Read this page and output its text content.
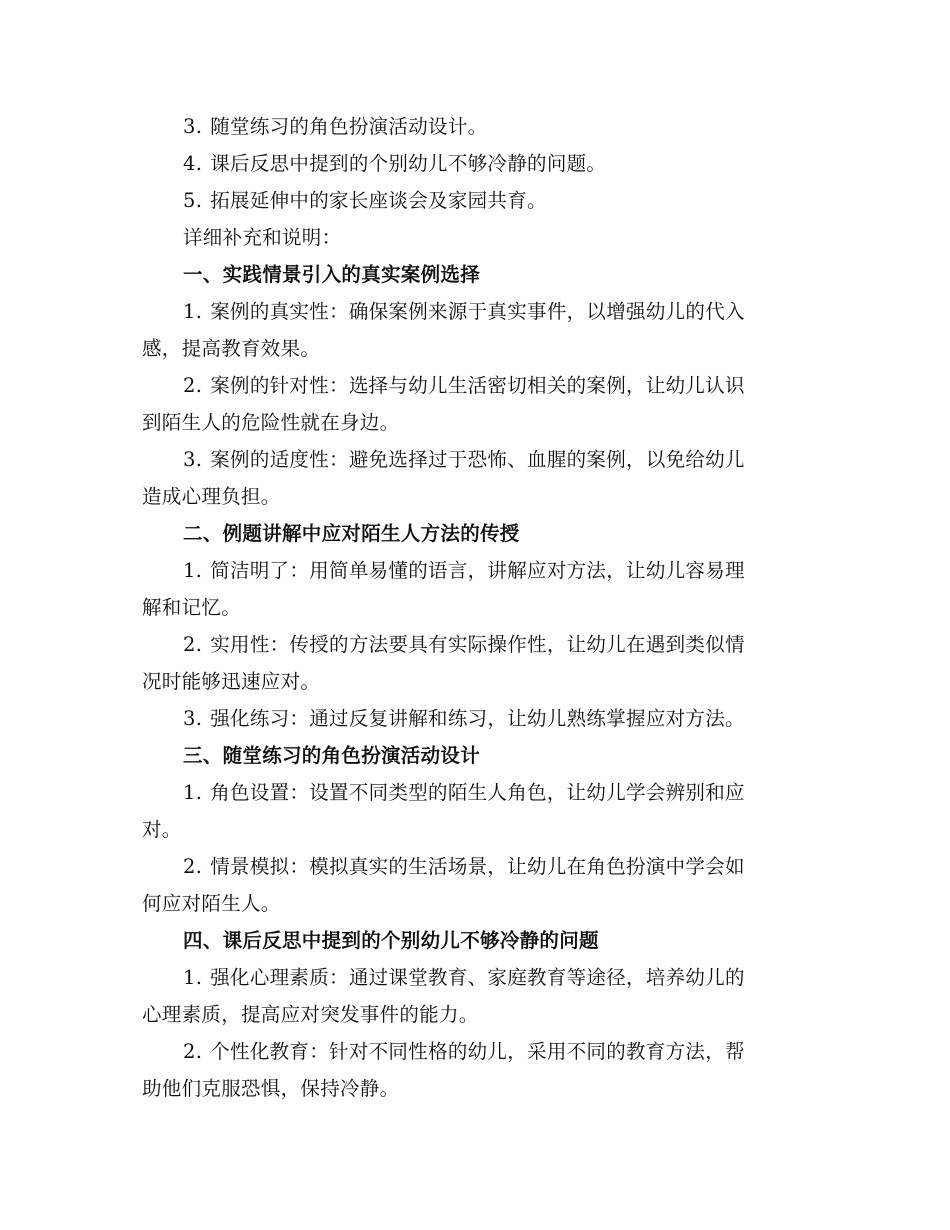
3. 随堂练习的角色扮演活动设计。
4. 课后反思中提到的个别幼儿不够冷静的问题。
5. 拓展延伸中的家长座谈会及家园共育。
详细补充和说明：
一、实践情景引入的真实案例选择
1. 案例的真实性：确保案例来源于真实事件，以增强幼儿的代入
感，提高教育效果。
2. 案例的针对性：选择与幼儿生活密切相关的案例，让幼儿认识
到陌生人的危险性就在身边。
3. 案例的适度性：避免选择过于恐怖、血腥的案例，以免给幼儿
造成心理负担。
二、例题讲解中应对陌生人方法的传授
1. 简洁明了：用简单易懂的语言，讲解应对方法，让幼儿容易理
解和记忆。
2. 实用性：传授的方法要具有实际操作性，让幼儿在遇到类似情
况时能够迅速应对。
3. 强化练习：通过反复讲解和练习，让幼儿熟练掌握应对方法。
三、随堂练习的角色扮演活动设计
1. 角色设置：设置不同类型的陌生人角色，让幼儿学会辨别和应
对。
2. 情景模拟：模拟真实的生活场景，让幼儿在角色扮演中学会如
何应对陌生人。
四、课后反思中提到的个别幼儿不够冷静的问题
1. 强化心理素质：通过课堂教育、家庭教育等途径，培养幼儿的
心理素质，提高应对突发事件的能力。
2. 个性化教育：针对不同性格的幼儿，采用不同的教育方法，帮
助他们克服恐惧，保持冷静。
